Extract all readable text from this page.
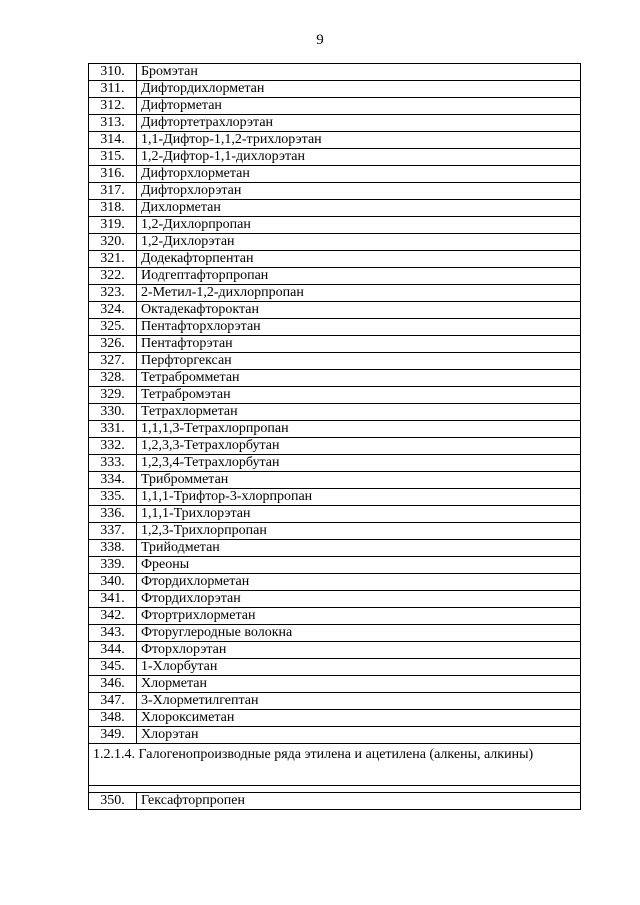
9
310.	Бромэтан
311.	Дифтордихлорметан
312.	Дифторметан
313.	Дифтортетрахлорэтан
314.	1,1-Дифтор-1,1,2-трихлорэтан
315.	1,2-Дифтор-1,1-дихлорэтан
316.	Дифторхлорметан
317.	Дифторхлорэтан
318.	Дихлорметан
319.	1,2-Дихлорпропан
320.	1,2-Дихлорэтан
321.	Додекафторпентан
322.	Иодгептафторпропан
323.	2-Метил-1,2-дихлорпропан
324.	Октадекафтороктан
325.	Пентафторхлорэтан
326.	Пентафторэтан
327.	Перфторгексан
328.	Тетрабромметан
329.	Тетрабромэтан
330.	Тетрахлорметан
331.	1,1,1,3-Тетрахлорпропан
332.	1,2,3,3-Тетрахлорбутан
333.	1,2,3,4-Тетрахлорбутан
334.	Трибромметан
335.	1,1,1-Трифтор-3-хлорпропан
336.	1,1,1-Трихлорэтан
337.	1,2,3-Трихлорпропан
338.	Трийодметан
339.	Фреоны
340.	Фтордихлорметан
341.	Фтордихлорэтан
342.	Фтортрихлорметан
343.	Фторуглеродные волокна
344.	Фторхлорэтан
345.	1-Хлорбутан
346.	Хлорметан
347.	3-Хлорметилгептан
348.	Хлороксиметан
349.	Хлорэтан
1.2.1.4. Галогенопроизводные ряда этилена и ацетилена (алкены, алкины)	

350.	Гексафторпропен
